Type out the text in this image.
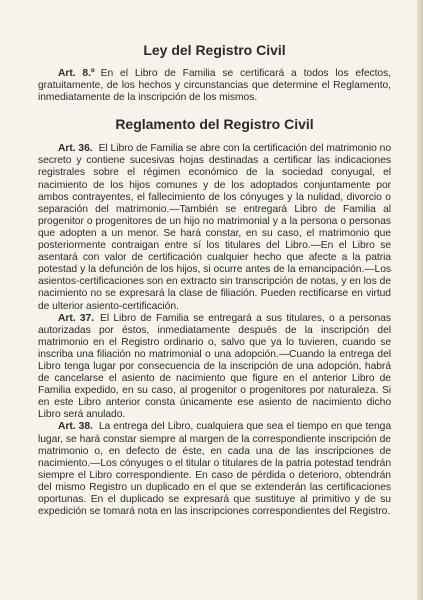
Ley del Registro Civil

Art. 8.º En el Libro de Familia se certificará a todos los efectos, gratuitamente, de los hechos y circunstancias que determine el Reglamento, inmediatamente de la inscripción de los mismos.

Reglamento del Registro Civil

Art. 36. El Libro de Familia se abre con la certificación del matrimonio no secreto y contiene sucesivas hojas destinadas a certificar las indicaciones registrales sobre el régimen económico de la sociedad conyugal, el nacimiento de los hijos comunes y de los adoptados conjuntamente por ambos contrayentes, el fallecimiento de los cónyuges y la nulidad, divorcio o separación del matrimonio.—También se entregará Libro de Familia al progenitor o progenitores de un hijo no matrimonial y a la persona o personas que adopten a un menor. Se hará constar, en su caso, el matrimonio que posteriormente contraigan entre sí los titulares del Libro.—En el Libro se asentará con valor de certificación cualquier hecho que afecte a la patria potestad y la defunción de los hijos, si ocurre antes de la emancipación.—Los asientos-certificaciones son en extracto sin transcripción de notas, y en los de nacimiento no se expresará la clase de filiación. Pueden rectificarse en virtud de ulterior asiento-certificación.

Art. 37. El Libro de Familia se entregará a sus titulares, o a personas autorizadas por éstos, inmediatamente después de la inscripción del matrimonio en el Registro ordinario o, salvo que ya lo tuvieren, cuando se inscriba una filiación no matrimonial o una adopción.—Cuando la entrega del Libro tenga lugar por consecuencia de la inscripción de una adopción, habrá de cancelarse el asiento de nacimiento que figure en el anterior Libro de Familia expedido, en su caso, al progenitor o progenitores por naturaleza. Si en este Libro anterior consta únicamente ese asiento de nacimiento dicho Libro será anulado.

Art. 38. La entrega del Libro, cualquiera que sea el tiempo en que tenga lugar, se hará constar siempre al margen de la correspondiente inscripción de matrimonio o, en defecto de éste, en cada una de las inscripciones de nacimiento.—Los cónyuges o el titular o titulares de la patria potestad tendrán siempre el Libro correspondiente. En caso de pérdida o deterioro, obtendrán del mismo Registro un duplicado en el que se extenderán las certificaciones oportunas. En el duplicado se expresará que sustituye al primitivo y de su expedición se tomará nota en las inscripciones correspondientes del Registro.
